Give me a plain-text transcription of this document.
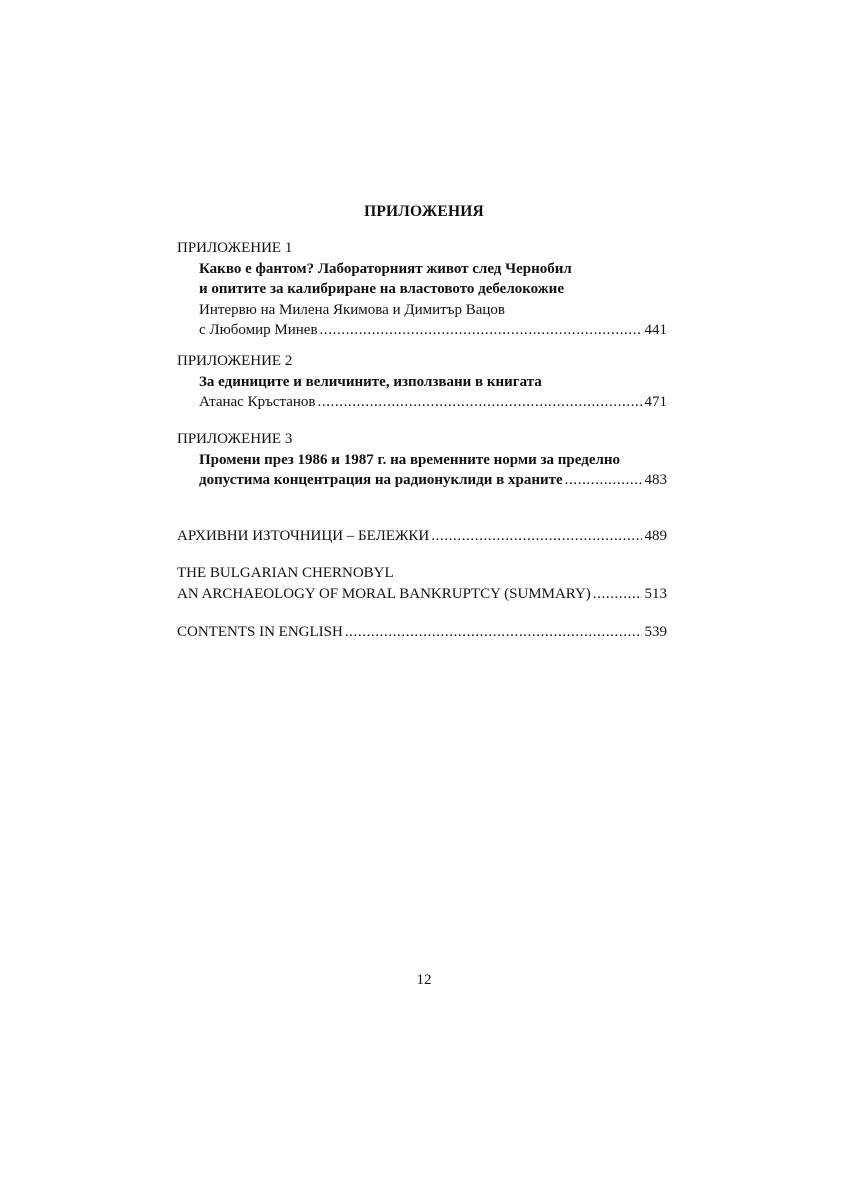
ПРИЛОЖЕНИЯ
ПРИЛОЖЕНИЕ 1
Какво е фантом? Лабораторният живот след Чернобил
и опитите за калибриране на властовото дебелокожие
Интервю на Милена Якимова и Димитър Вацов
с Любомир Минев .....	441
ПРИЛОЖЕНИЕ 2
За единиците и величините, използвани в книгата
Атанас Кръстанов .....	471
ПРИЛОЖЕНИЕ 3
Промени през 1986 и 1987 г. на временните норми за пределно
допустима концентрация на радионуклиди в храните .....	483
АРХИВНИ ИЗТОЧНИЦИ – БЕЛЕЖКИ .....	489
THE BULGARIAN CHERNOBYL
AN ARCHAEOLOGY OF MORAL BANKRUPTCY (SUMMARY) .....	513
CONTENTS IN ENGLISH .....	539
12
